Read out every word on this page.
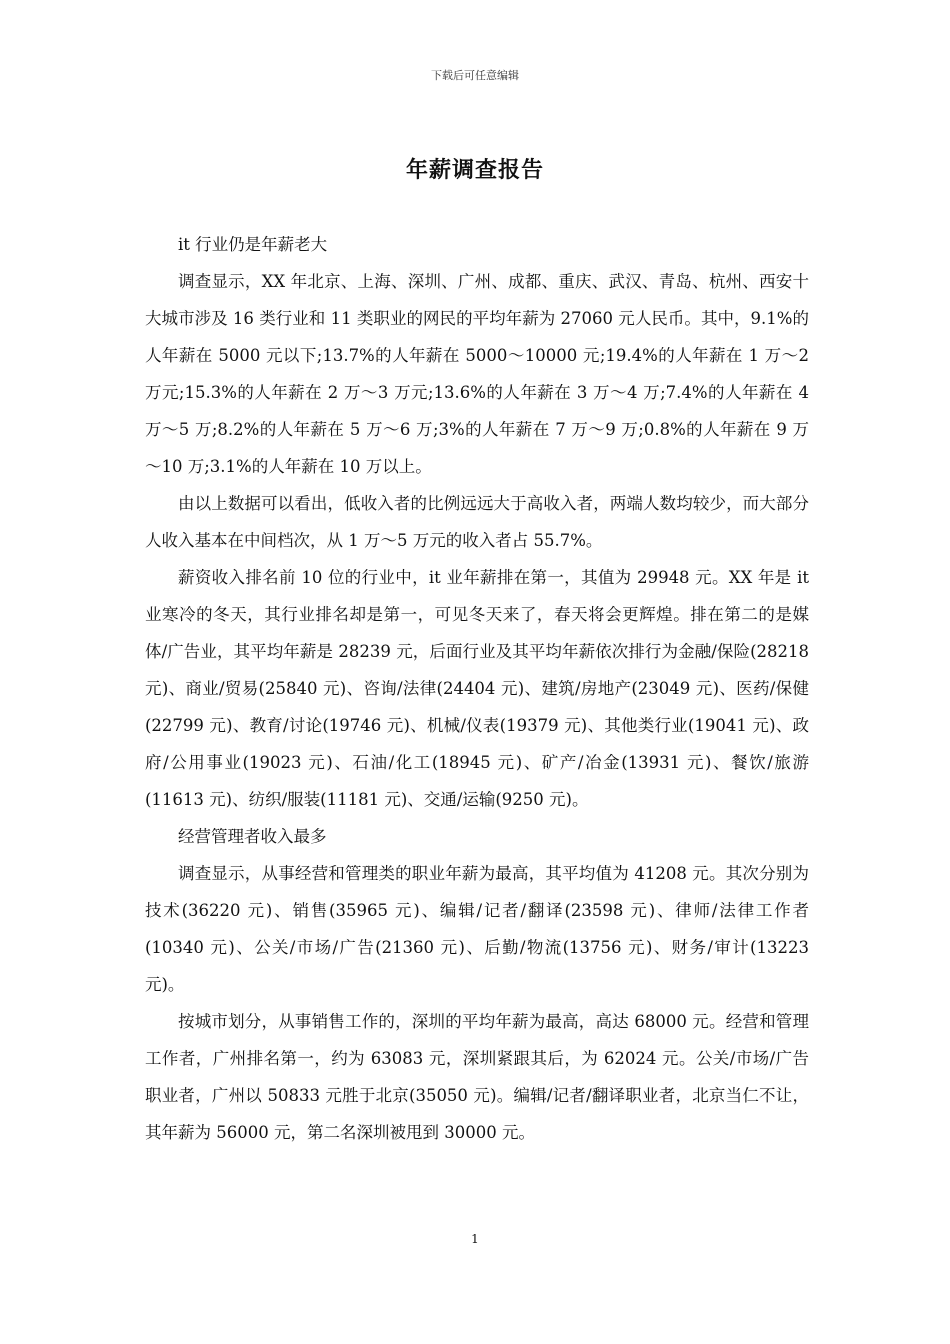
下载后可任意编辑
年薪调查报告

it 行业仍是年薪老大

调查显示，XX 年北京、上海、深圳、广州、成都、重庆、武汉、青岛、杭州、西安十大城市涉及 16 类行业和 11 类职业的网民的平均年薪为 27060 元人民币。其中，9.1%的人年薪在 5000 元以下;13.7%的人年薪在 5000～10000 元;19.4%的人年薪在 1 万～2 万元;15.3%的人年薪在 2 万～3 万元;13.6%的人年薪在 3 万～4 万;7.4%的人年薪在 4 万～5 万;8.2%的人年薪在 5 万～6 万;3%的人年薪在 7 万～9 万;0.8%的人年薪在 9 万～10 万;3.1%的人年薪在 10 万以上。

由以上数据可以看出，低收入者的比例远远大于高收入者，两端人数均较少，而大部分人收入基本在中间档次，从 1 万～5 万元的收入者占 55.7%。

薪资收入排名前 10 位的行业中，it 业年薪排在第一，其值为 29948 元。XX 年是 it 业寒冷的冬天，其行业排名却是第一，可见冬天来了，春天将会更辉煌。排在第二的是媒体/广告业，其平均年薪是 28239 元，后面行业及其平均年薪依次排行为金融/保险(28218 元)、商业/贸易(25840 元)、咨询/法律(24404 元)、建筑/房地产(23049 元)、医药/保健(22799 元)、教育/讨论(19746 元)、机械/仪表(19379 元)、其他类行业(19041 元)、政府/公用事业(19023 元)、石油/化工(18945 元)、矿产/冶金(13931 元)、餐饮/旅游(11613 元)、纺织/服装(11181 元)、交通/运输(9250 元)。

经营管理者收入最多

调查显示，从事经营和管理类的职业年薪为最高，其平均值为 41208 元。其次分别为技术(36220 元)、销售(35965 元)、编辑/记者/翻译(23598 元)、律师/法律工作者(10340 元)、公关/市场/广告(21360 元)、后勤/物流(13756 元)、财务/审计(13223 元)。

按城市划分，从事销售工作的，深圳的平均年薪为最高，高达 68000 元。经营和管理工作者，广州排名第一，约为 63083 元，深圳紧跟其后，为 62024 元。公关/市场/广告职业者，广州以 50833 元胜于北京(35050 元)。编辑/记者/翻译职业者，北京当仁不让，其年薪为 56000 元，第二名深圳被甩到 30000 元。

1
